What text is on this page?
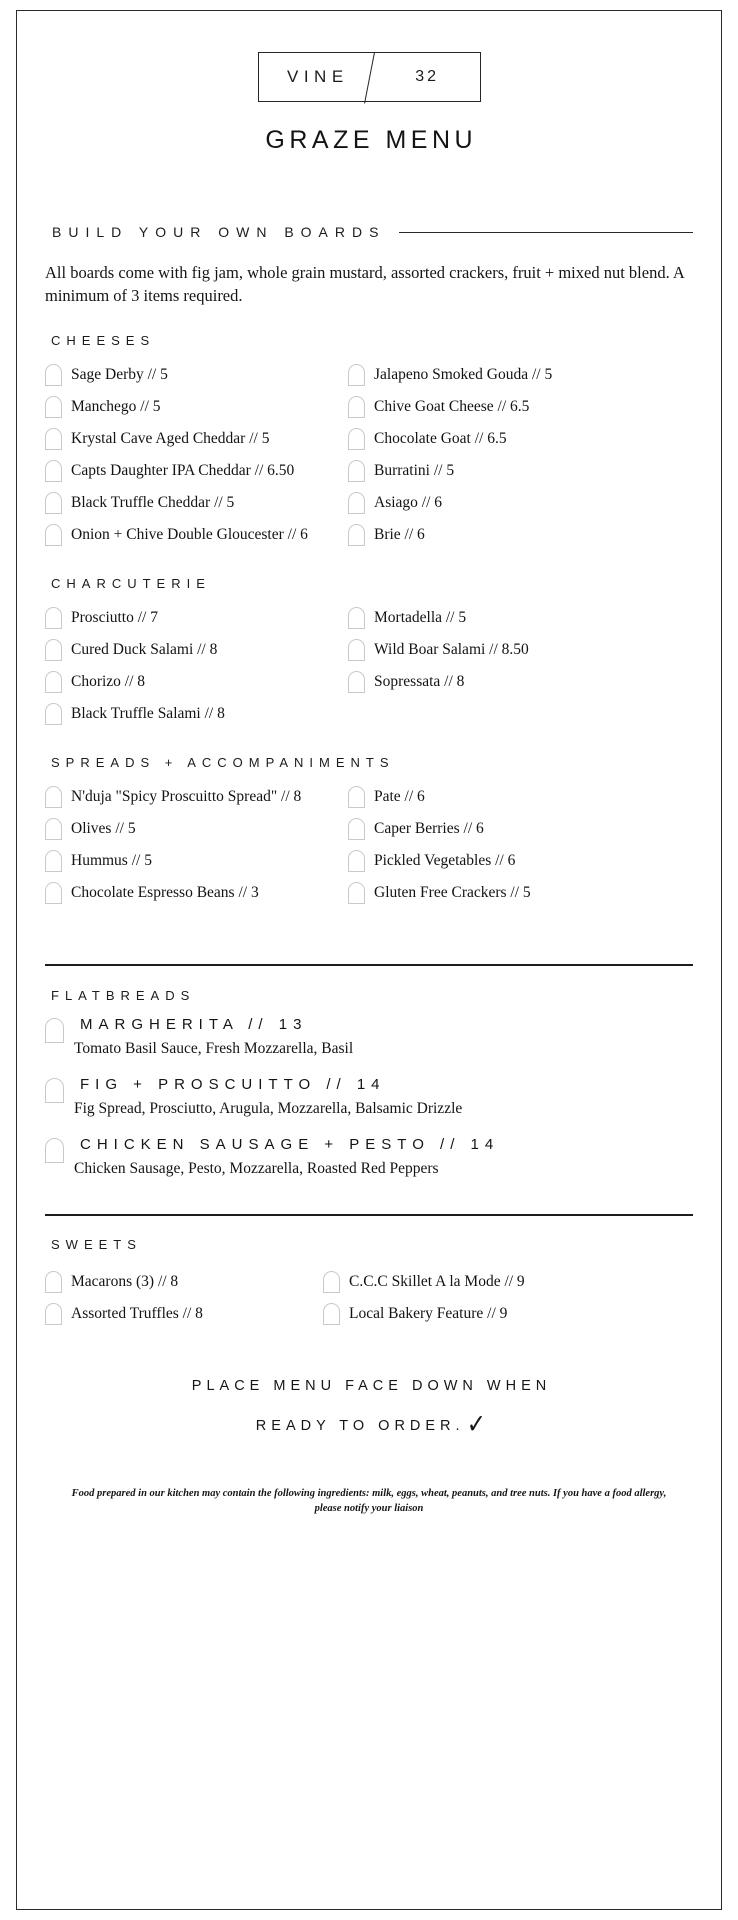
VINE	32
GRAZE MENU
BUILD YOUR OWN BOARDS
All boards come with fig jam, whole grain mustard, assorted crackers, fruit + mixed nut blend. A minimum of 3 items required.
CHEESES
Sage Derby // 5	Jalapeno Smoked Gouda // 5
Manchego // 5	Chive Goat Cheese // 6.5
Krystal Cave Aged Cheddar // 5	Chocolate Goat // 6.5
Capts Daughter IPA Cheddar // 6.50	Burratini // 5
Black Truffle Cheddar // 5	Asiago // 6
Onion + Chive Double Gloucester // 6	Brie // 6
CHARCUTERIE
Prosciutto // 7	Mortadella // 5
Cured Duck Salami // 8	Wild Boar Salami // 8.50
Chorizo // 8	Sopressata // 8
Black Truffle Salami // 8
SPREADS + ACCOMPANIMENTS
N'duja "Spicy Proscuitto Spread" // 8	Pate // 6
Olives // 5	Caper Berries // 6
Hummus // 5	Pickled Vegetables // 6
Chocolate Espresso Beans // 3	Gluten Free Crackers // 5
FLATBREADS
MARGHERITA // 13
Tomato Basil Sauce, Fresh Mozzarella, Basil
FIG + PROSCUITTO // 14
Fig Spread, Prosciutto, Arugula, Mozzarella, Balsamic Drizzle
CHICKEN SAUSAGE + PESTO // 14
Chicken Sausage, Pesto, Mozzarella, Roasted Red Peppers
SWEETS
Macarons (3) // 8	C.C.C Skillet A la Mode // 9
Assorted Truffles // 8	Local Bakery Feature // 9
PLACE MENU FACE DOWN WHEN
READY TO ORDER.✓
Food prepared in our kitchen may contain the following ingredients: milk, eggs, wheat, peanuts, and tree nuts. If you have a food allergy, please notify your liaison
